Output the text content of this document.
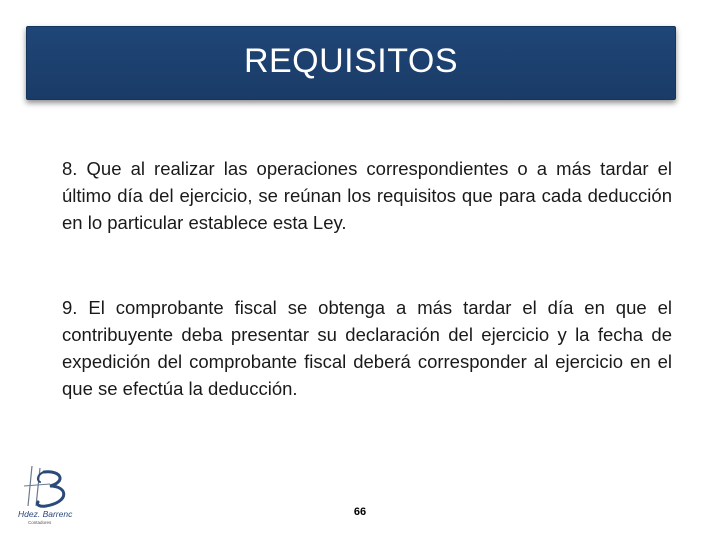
REQUISITOS

8. Que al realizar las operaciones correspondientes o a más tardar el último día del ejercicio, se reúnan los requisitos que para cada deducción en lo particular establece esta Ley.

9. El comprobante fiscal se obtenga a más tardar el día en que el contribuyente deba presentar su declaración del ejercicio y la fecha de expedición del comprobante fiscal deberá corresponder al ejercicio en el que se efectúa la deducción.

Hdez. Barrenc
Contadores
66
